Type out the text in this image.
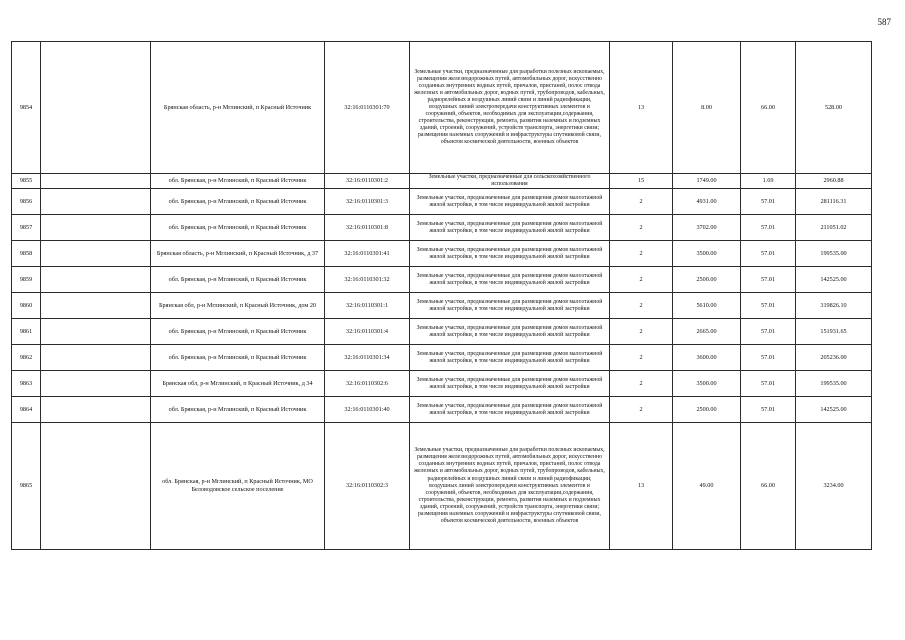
587
9854		Брянская область, р-н Мглинский, п Красный Источник	32:16:0110301:70	Земельные участки, предназначенные для разработки полезных ископаемых, размещения железнодорожных путей, автомобильных дорог, искусственно созданных внутренних водных путей, причалов, пристаней, полос отвода железных и автомобильных дорог, водных путей, трубопроводов, кабельных, радиорелейных и воздушных линий связи и линий радиофикации, воздушных линий электропередачи конструктивных элементов и сооружений, объектов, необходимых для эксплуатации,содержания, строительства, реконструкции, ремонта, развития наземных и подземных зданий, строений, сооружений, устройств транспорта, энергетики связи; размещения наземных сооружений и инфраструктуры спутниковой связи, объектов космической деятельности, военных объектов	13	8.00	66.00	528.00
9855		обл. Брянская, р-н Мглинский, п Красный Источник	32:16:0110301:2	Земельные участки, предназначенные для сельскохозяйственного использования	15	1749.00	1.69	2960.88
9856		обл. Брянская, р-н Мглинский, п Красный Источник	32:16:0110301:3	Земельные участки, предназначенные для размещения домов малоэтажной жилой застройки, в том числе индивидуальной жилой застройки	2	4931.00	57.01	281116.31
9857		обл. Брянская, р-н Мглинский, п Красный Источник	32:16:0110301:8	Земельные участки, предназначенные для размещения домов малоэтажной жилой застройки, в том числе индивидуальной жилой застройки	2	3702.00	57.01	211051.02
9858		Брянская область, р-н Мглинский, п Красный Источник, д 37	32:16:0110301:41	Земельные участки, предназначенные для размещения домов малоэтажной жилой застройки, в том числе индивидуальной жилой застройки	2	3500.00	57.01	199535.00
9859		обл. Брянская, р-н Мглинский, п Красный Источник	32:16:0110301:32	Земельные участки, предназначенные для размещения домов малоэтажной жилой застройки, в том числе индивидуальной жилой застройки	2	2500.00	57.01	142525.00
9860		Брянская обл, р-н Мглинский, п Красный Источник, дом 20	32:16:0110301:1	Земельные участки, предназначенные для размещения домов малоэтажной жилой застройки, в том числе индивидуальной жилой застройки	2	5610.00	57.01	319826.10
9861		обл. Брянская, р-н Мглинский, п Красный Источник	32:16:0110301:4	Земельные участки, предназначенные для размещения домов малоэтажной жилой застройки, в том числе индивидуальной жилой застройки	2	2665.00	57.01	151931.65
9862		обл. Брянская, р-н Мглинский, п Красный Источник	32:16:0110301:34	Земельные участки, предназначенные для размещения домов малоэтажной жилой застройки, в том числе индивидуальной жилой застройки	2	3600.00	57.01	205236.00
9863		Брянская обл, р-н Мглинский, п Красный Источник, д 34	32:16:0110302:6	Земельные участки, предназначенные для размещения домов малоэтажной жилой застройки, в том числе индивидуальной жилой застройки	2	3500.00	57.01	199535.00
9864		обл. Брянская, р-н Мглинский, п Красный Источник	32:16:0110301:40	Земельные участки, предназначенные для размещения домов малоэтажной жилой застройки, в том числе индивидуальной жилой застройки	2	2500.00	57.01	142525.00
9865		обл. Брянская, р-н Мглинский, п Красный Источник, МО Беловодовское сельское поселение	32:16:0110302:3	Земельные участки, предназначенные для разработки полезных ископаемых, размещения железнодорожных путей, автомобильных дорог, искусственно созданных внутренних водных путей, причалов, пристаней, полос отвода железных и автомобильных дорог, водных путей, трубопроводов, кабельных, радиорелейных и воздушных линий связи и линий радиофикации, воздушных линий электропередачи конструктивных элементов и сооружений, объектов, необходимых для эксплуатации,содержания, строительства, реконструкции, ремонта, развития наземных и подземных зданий, строений, сооружений, устройств транспорта, энергетики связи; размещения наземных сооружений и инфраструктуры спутниковой связи, объектов космической деятельности, военных объектов	13	49.00	66.00	3234.00
